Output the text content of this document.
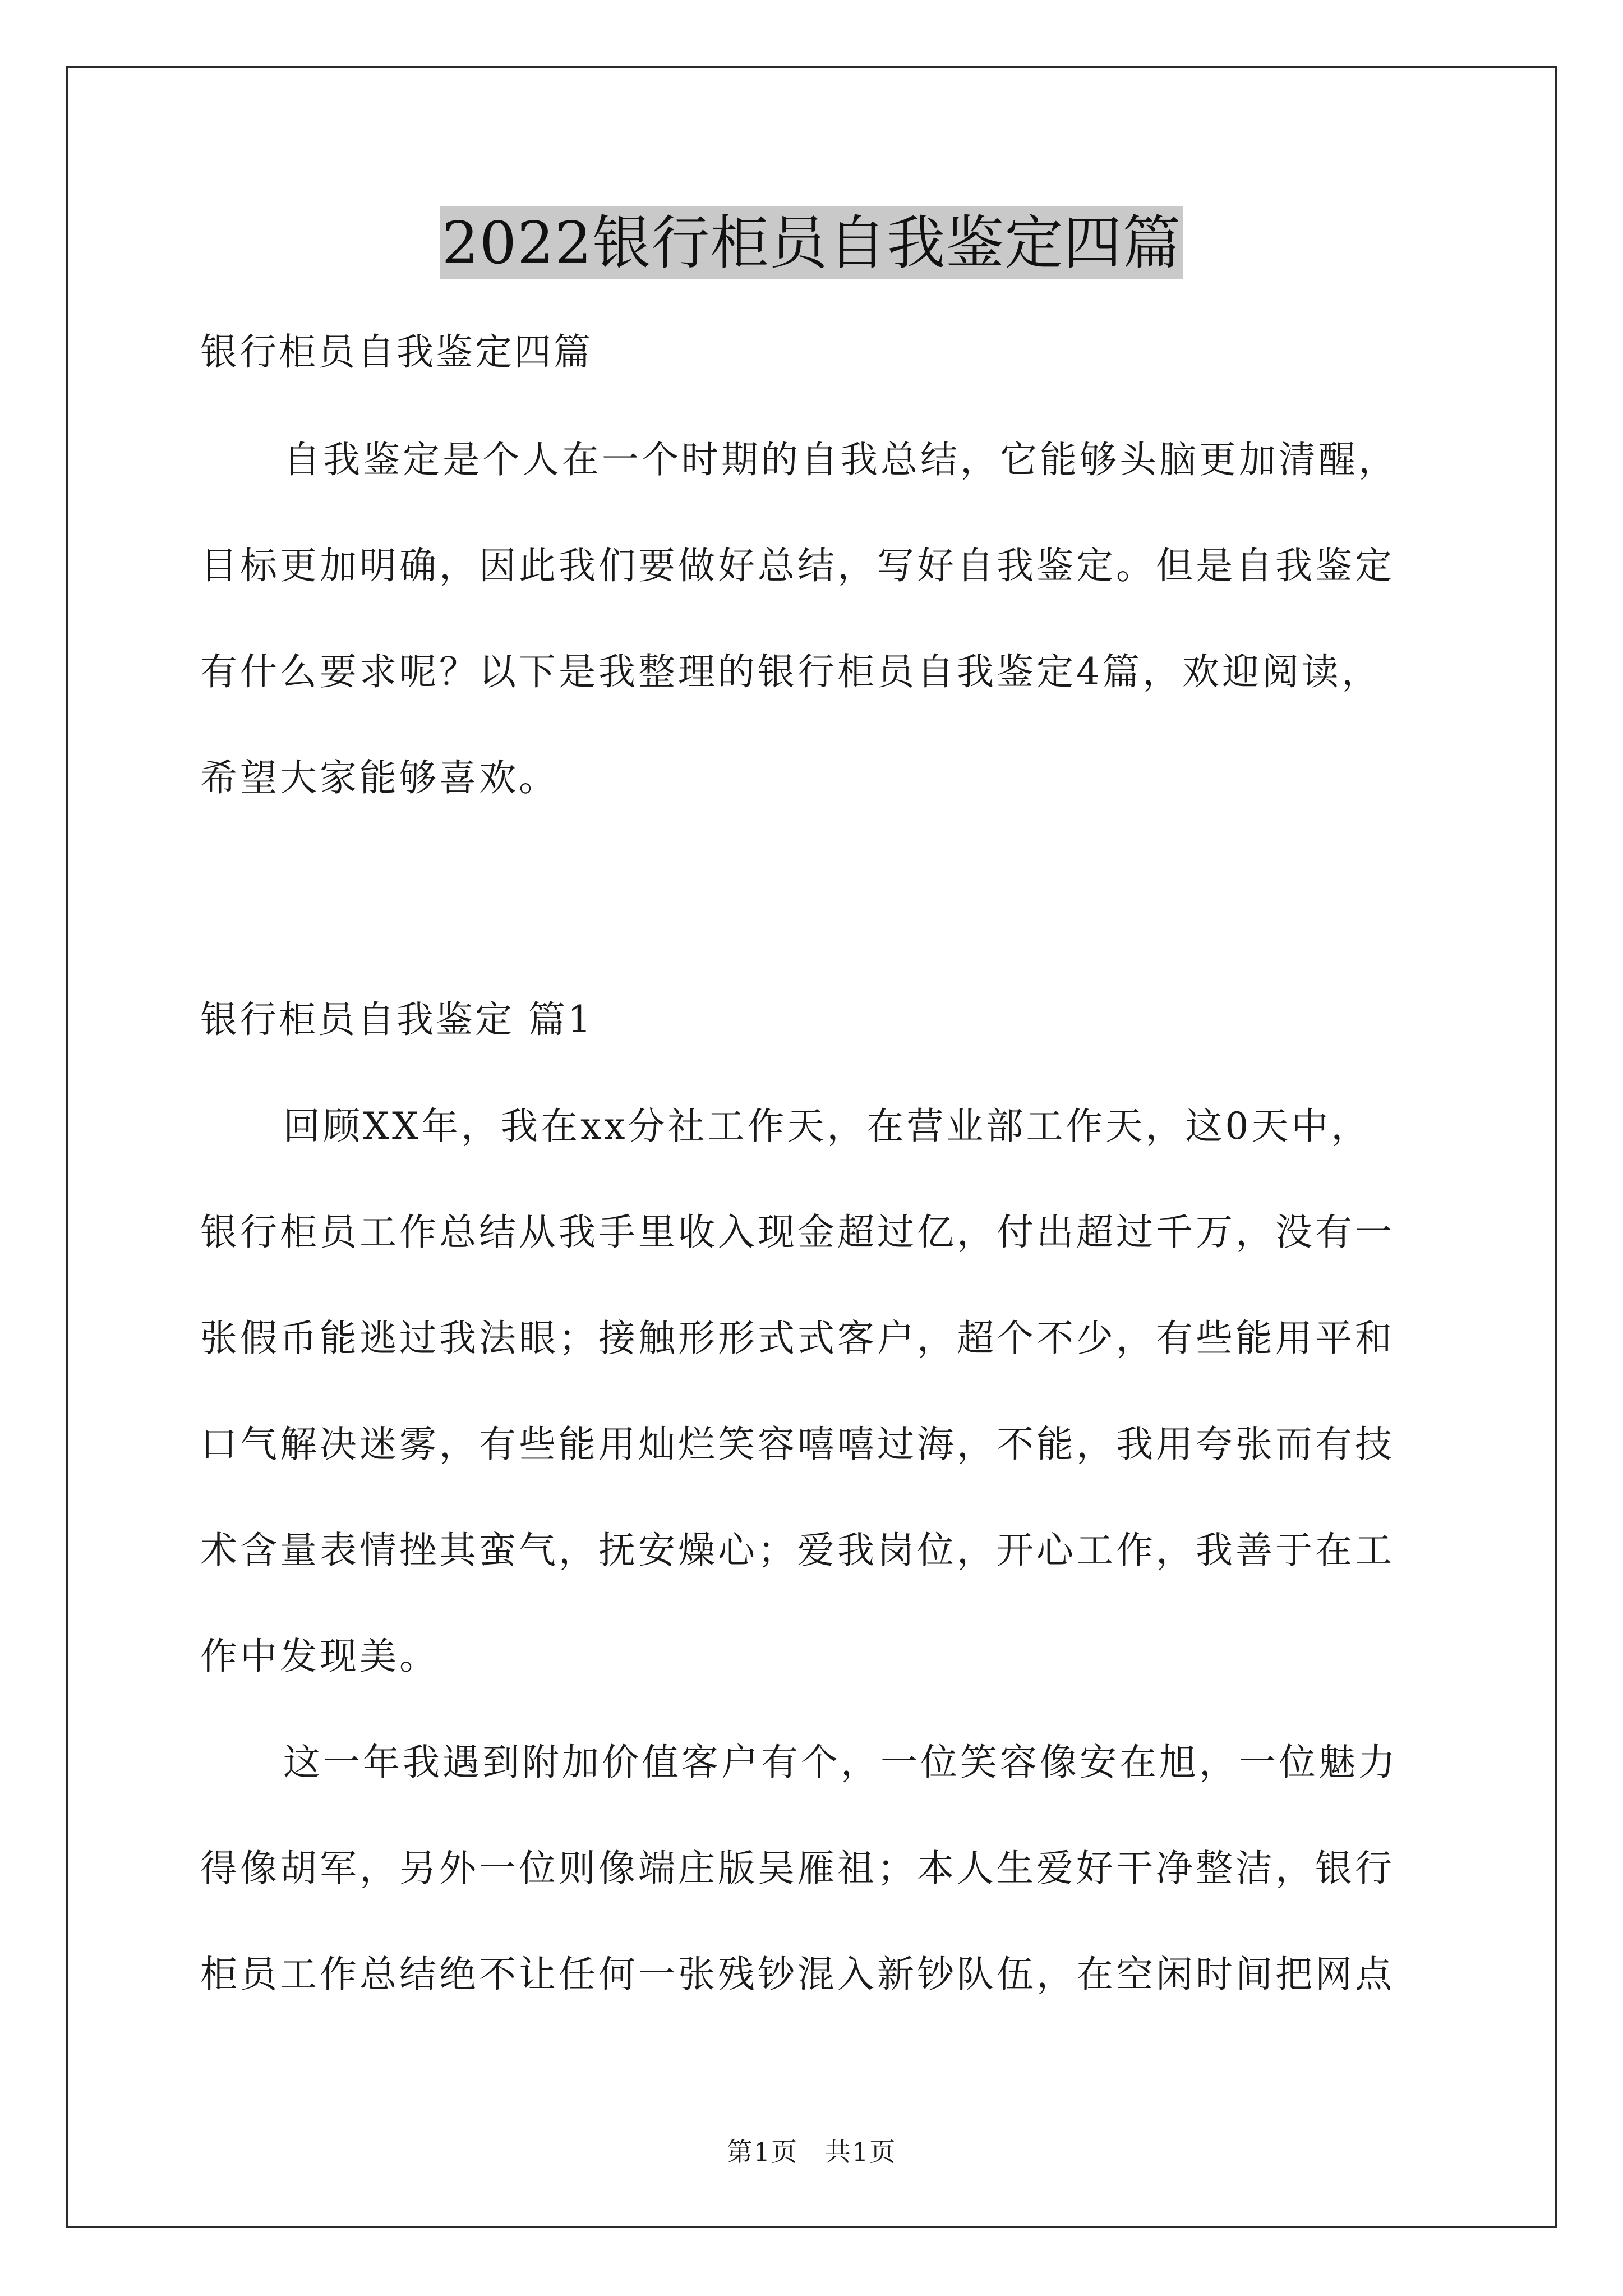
2022银行柜员自我鉴定四篇
银行柜员自我鉴定四篇
自我鉴定是个人在一个时期的自我总结，它能够头脑更加清醒，
目标更加明确，因此我们要做好总结，写好自我鉴定。但是自我鉴定
有什么要求呢？以下是我整理的银行柜员自我鉴定4篇，欢迎阅读，
希望大家能够喜欢。
银行柜员自我鉴定 篇1
回顾XX年，我在xx分社工作天，在营业部工作天，这0天中，
银行柜员工作总结从我手里收入现金超过亿，付出超过千万，没有一
张假币能逃过我法眼；接触形形式式客户，超个不少，有些能用平和
口气解决迷雾，有些能用灿烂笑容嘻嘻过海，不能，我用夸张而有技
术含量表情挫其蛮气，抚安燥心；爱我岗位，开心工作，我善于在工
作中发现美。
这一年我遇到附加价值客户有个，一位笑容像安在旭，一位魅力
得像胡军，另外一位则像端庄版吴雁祖；本人生爱好干净整洁，银行
柜员工作总结绝不让任何一张残钞混入新钞队伍，在空闲时间把网点
第1页　共1页
